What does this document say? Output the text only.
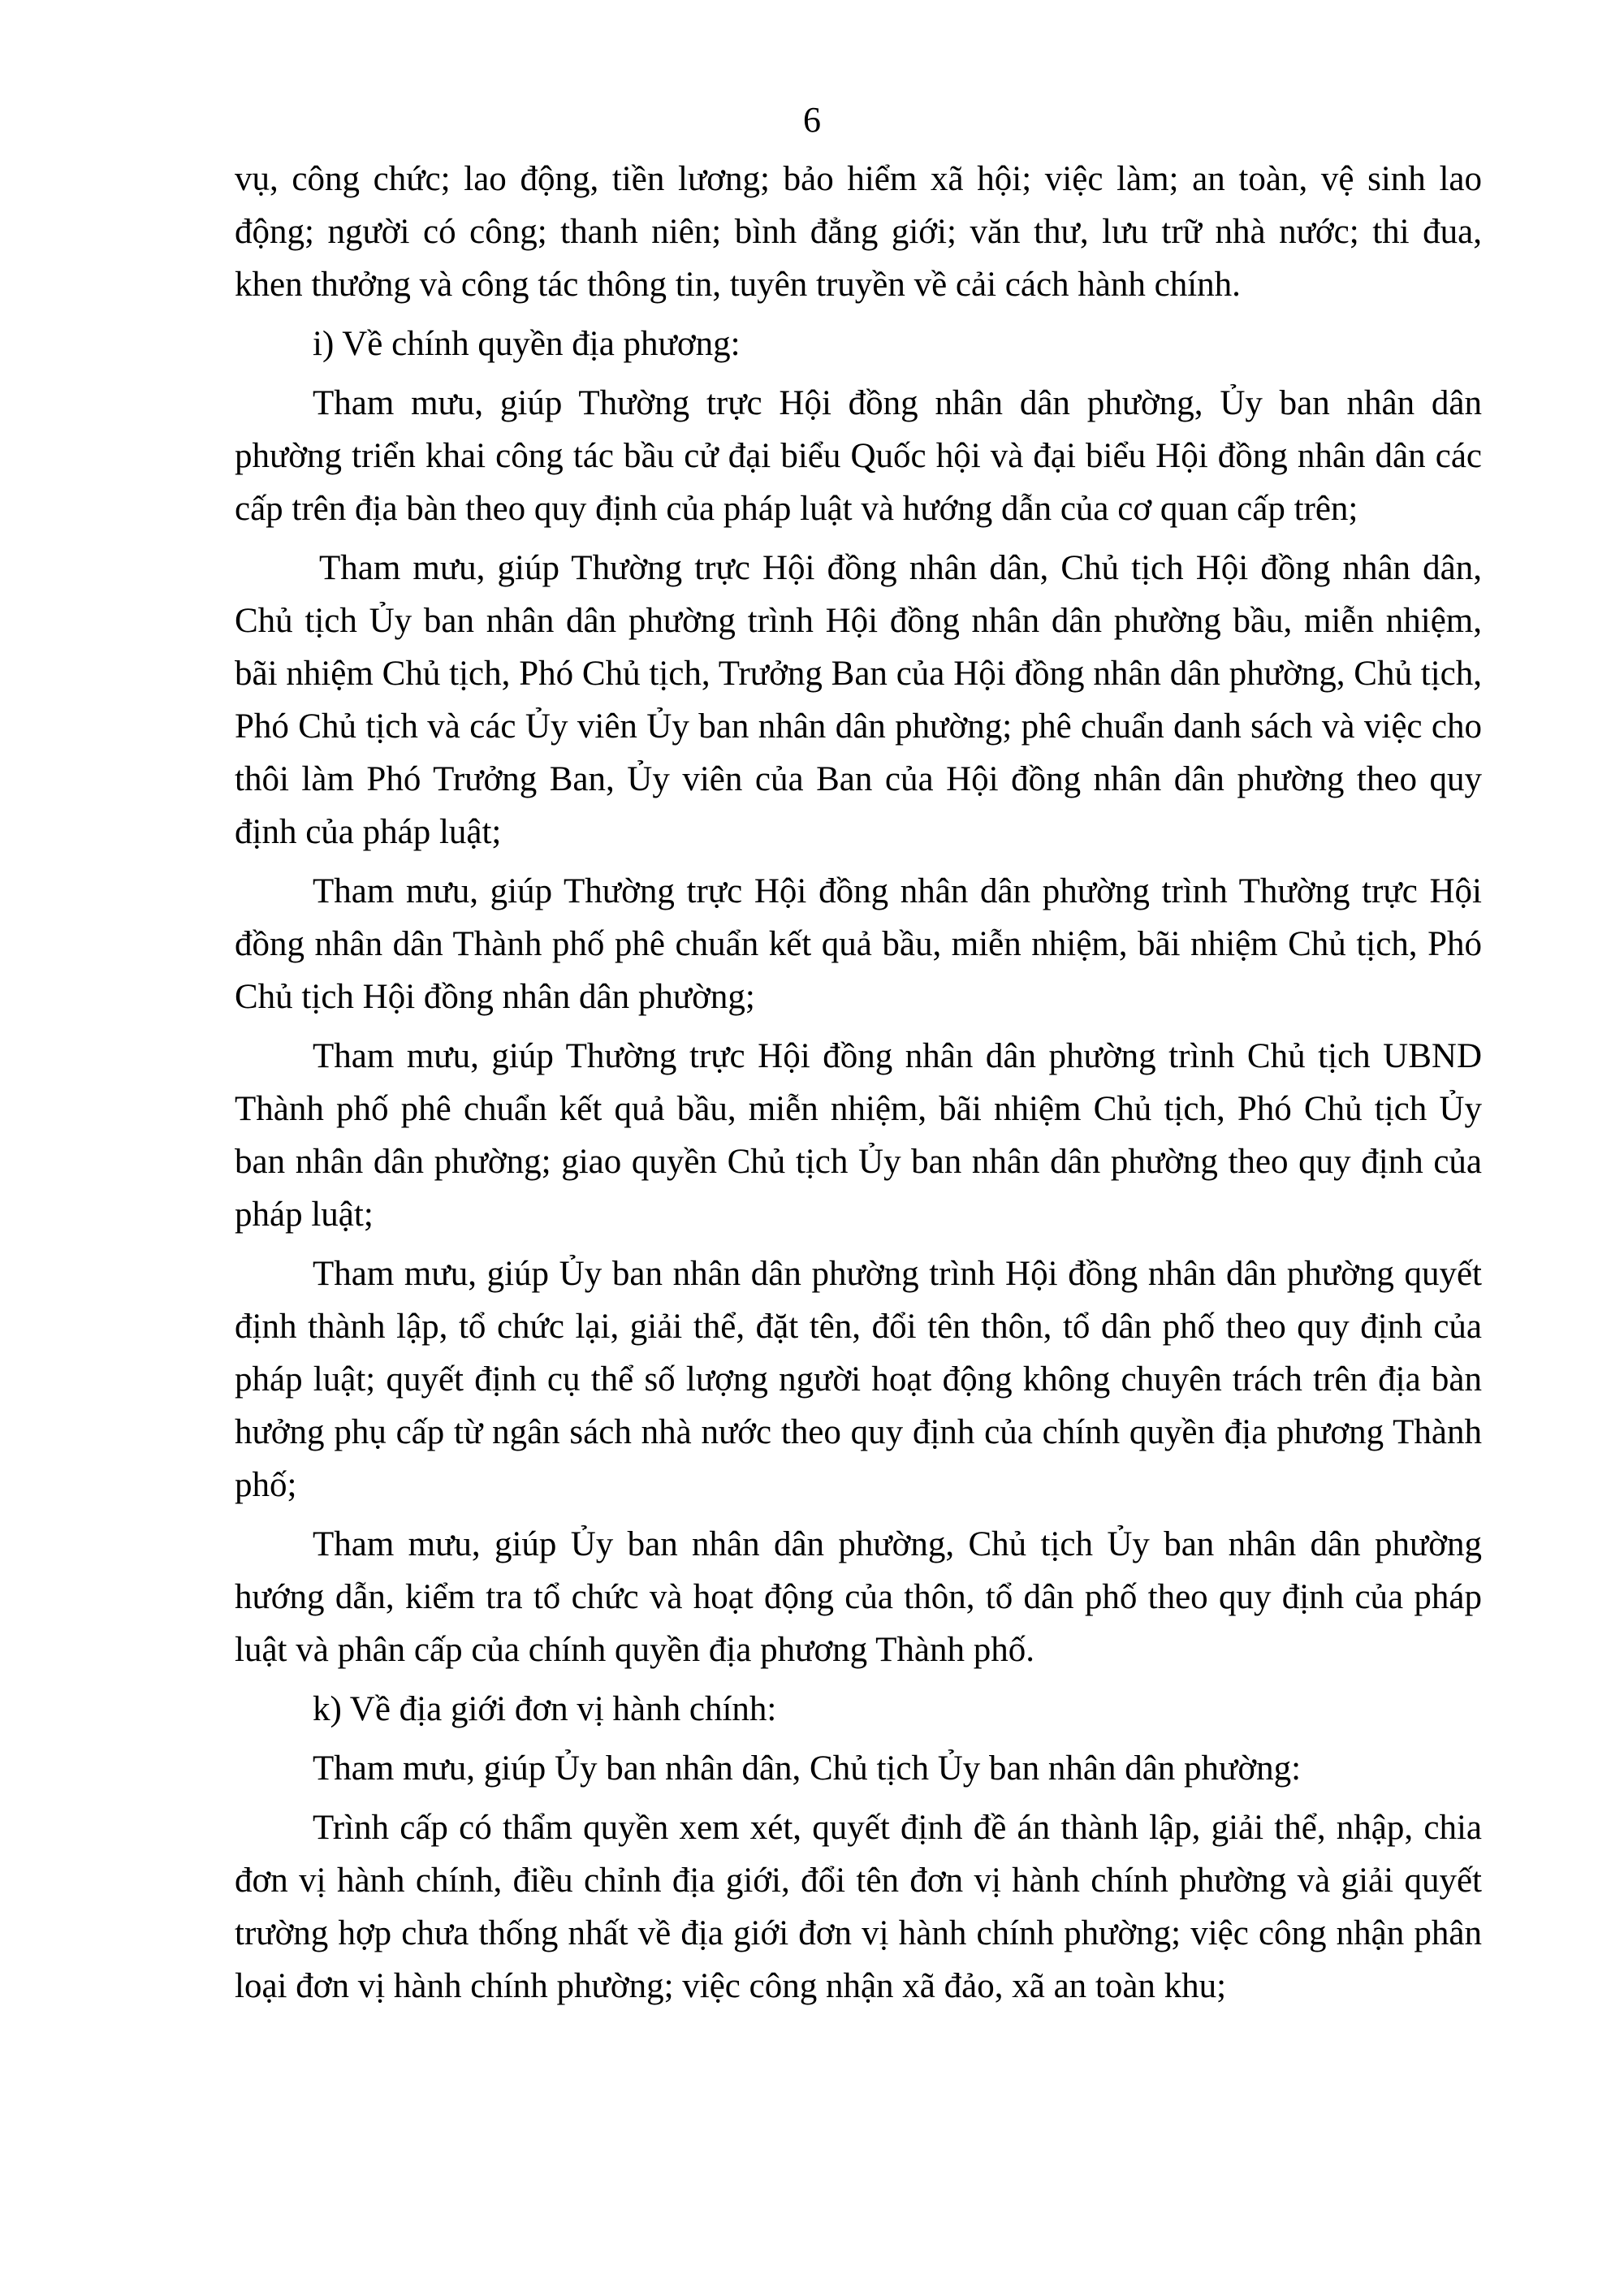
6

vụ, công chức; lao động, tiền lương; bảo hiểm xã hội; việc làm; an toàn, vệ sinh lao động; người có công; thanh niên; bình đẳng giới; văn thư, lưu trữ nhà nước; thi đua, khen thưởng và công tác thông tin, tuyên truyền về cải cách hành chính.

i) Về chính quyền địa phương:

Tham mưu, giúp Thường trực Hội đồng nhân dân phường, Ủy ban nhân dân phường triển khai công tác bầu cử đại biểu Quốc hội và đại biểu Hội đồng nhân dân các cấp trên địa bàn theo quy định của pháp luật và hướng dẫn của cơ quan cấp trên;

Tham mưu, giúp Thường trực Hội đồng nhân dân, Chủ tịch Hội đồng nhân dân, Chủ tịch Ủy ban nhân dân phường trình Hội đồng nhân dân phường bầu, miễn nhiệm, bãi nhiệm Chủ tịch, Phó Chủ tịch, Trưởng Ban của Hội đồng nhân dân phường, Chủ tịch, Phó Chủ tịch và các Ủy viên Ủy ban nhân dân phường; phê chuẩn danh sách và việc cho thôi làm Phó Trưởng Ban, Ủy viên của Ban của Hội đồng nhân dân phường theo quy định của pháp luật;

Tham mưu, giúp Thường trực Hội đồng nhân dân phường trình Thường trực Hội đồng nhân dân Thành phố phê chuẩn kết quả bầu, miễn nhiệm, bãi nhiệm Chủ tịch, Phó Chủ tịch Hội đồng nhân dân phường;

Tham mưu, giúp Thường trực Hội đồng nhân dân phường trình Chủ tịch UBND Thành phố phê chuẩn kết quả bầu, miễn nhiệm, bãi nhiệm Chủ tịch, Phó Chủ tịch Ủy ban nhân dân phường; giao quyền Chủ tịch Ủy ban nhân dân phường theo quy định của pháp luật;

Tham mưu, giúp Ủy ban nhân dân phường trình Hội đồng nhân dân phường quyết định thành lập, tổ chức lại, giải thể, đặt tên, đổi tên thôn, tổ dân phố theo quy định của pháp luật; quyết định cụ thể số lượng người hoạt động không chuyên trách trên địa bàn hưởng phụ cấp từ ngân sách nhà nước theo quy định của chính quyền địa phương Thành phố;

Tham mưu, giúp Ủy ban nhân dân phường, Chủ tịch Ủy ban nhân dân phường hướng dẫn, kiểm tra tổ chức và hoạt động của thôn, tổ dân phố theo quy định của pháp luật và phân cấp của chính quyền địa phương Thành phố.

k) Về địa giới đơn vị hành chính:

Tham mưu, giúp Ủy ban nhân dân, Chủ tịch Ủy ban nhân dân phường:

Trình cấp có thẩm quyền xem xét, quyết định đề án thành lập, giải thể, nhập, chia đơn vị hành chính, điều chỉnh địa giới, đổi tên đơn vị hành chính phường và giải quyết trường hợp chưa thống nhất về địa giới đơn vị hành chính phường; việc công nhận phân loại đơn vị hành chính phường; việc công nhận xã đảo, xã an toàn khu;
